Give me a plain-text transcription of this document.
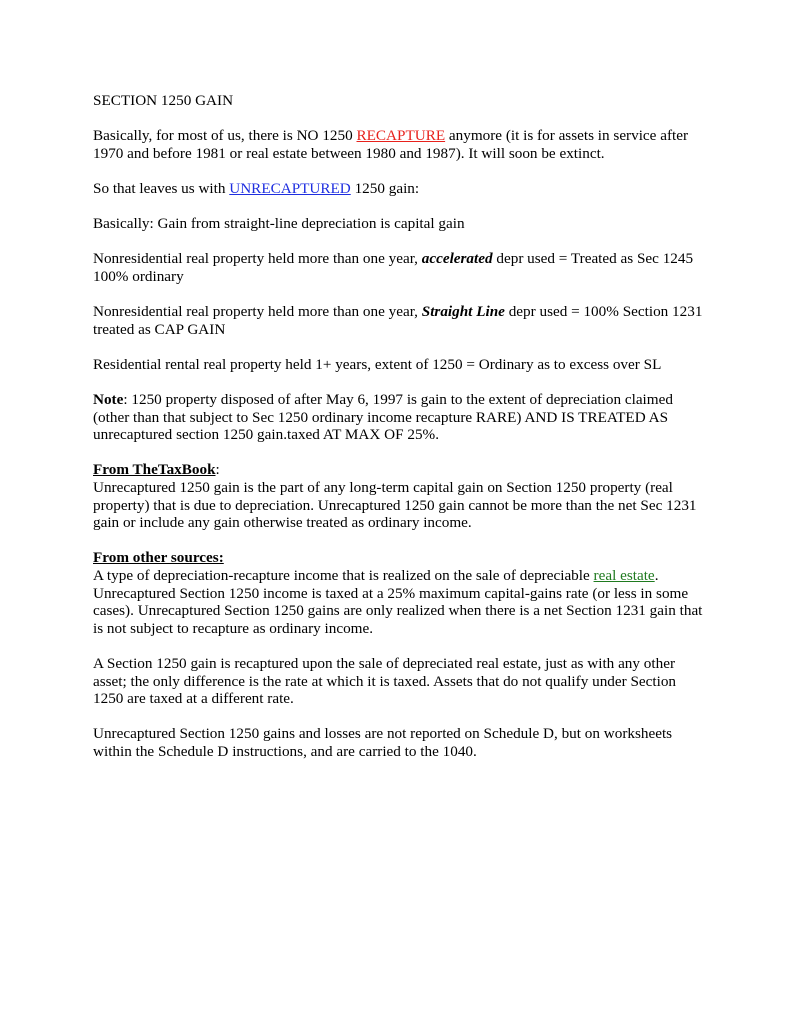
SECTION 1250 GAIN

Basically, for most of us, there is NO 1250 RECAPTURE anymore (it is for assets in service after 1970 and before 1981 or real estate between 1980 and 1987). It will soon be extinct.

So that leaves us with UNRECAPTURED 1250 gain:

Basically: Gain from straight-line depreciation is capital gain

Nonresidential real property held more than one year, accelerated depr used = Treated as Sec 1245 100% ordinary

Nonresidential real property held more than one year, Straight Line depr used = 100% Section 1231 treated as CAP GAIN

Residential rental real property held 1+ years, extent of 1250 = Ordinary as to excess over SL

Note: 1250 property disposed of after May 6, 1997 is gain to the extent of depreciation claimed (other than that subject to Sec 1250 ordinary income recapture RARE) AND IS TREATED AS unrecaptured section 1250 gain.taxed AT MAX OF 25%.

From TheTaxBook:
Unrecaptured 1250 gain is the part of any long-term capital gain on Section 1250 property (real property) that is due to depreciation. Unrecaptured 1250 gain cannot be more than the net Sec 1231 gain or include any gain otherwise treated as ordinary income.

From other sources:
A type of depreciation-recapture income that is realized on the sale of depreciable real estate. Unrecaptured Section 1250 income is taxed at a 25% maximum capital-gains rate (or less in some cases). Unrecaptured Section 1250 gains are only realized when there is a net Section 1231 gain that is not subject to recapture as ordinary income.

A Section 1250 gain is recaptured upon the sale of depreciated real estate, just as with any other asset; the only difference is the rate at which it is taxed. Assets that do not qualify under Section 1250 are taxed at a different rate.

Unrecaptured Section 1250 gains and losses are not reported on Schedule D, but on worksheets within the Schedule D instructions, and are carried to the 1040.
